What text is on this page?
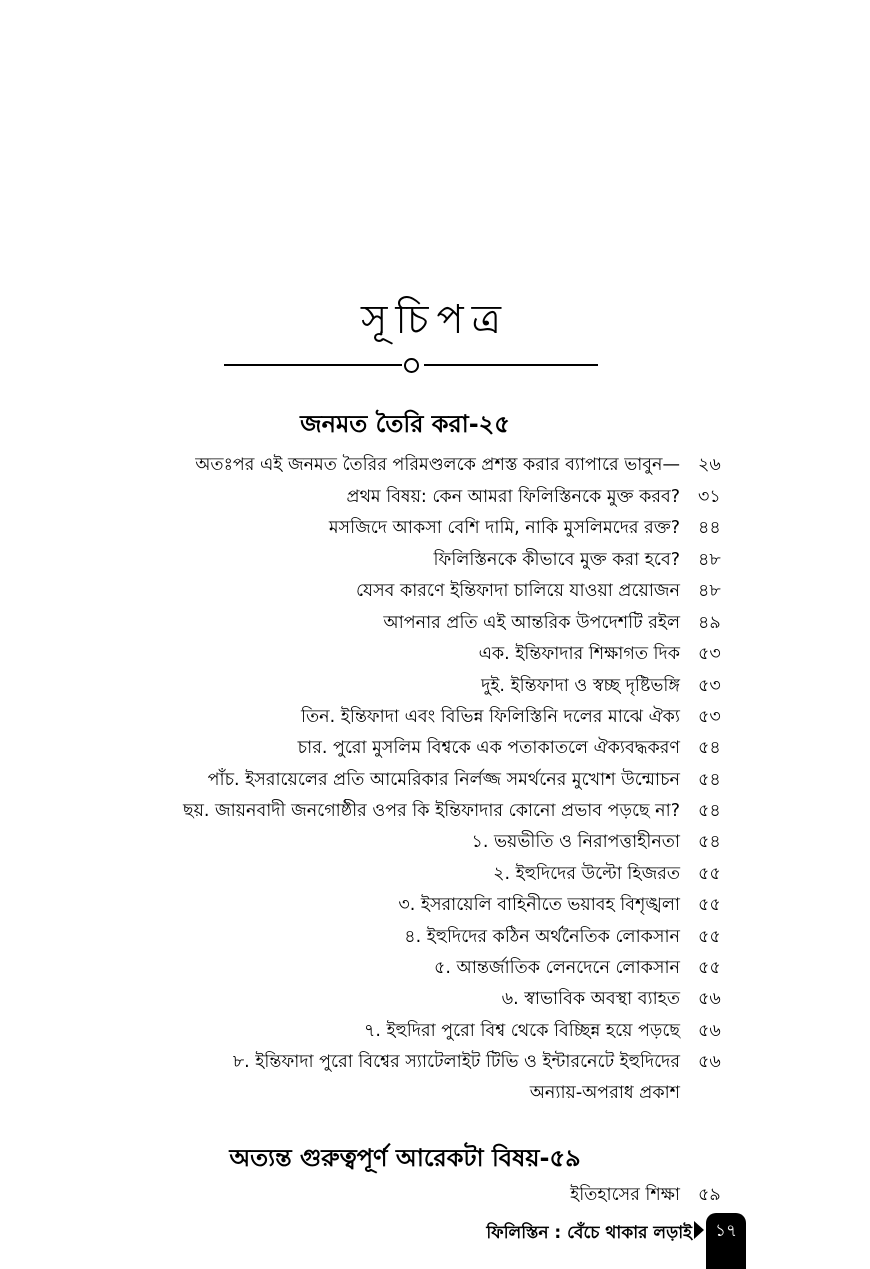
সূচিপত্র
জনমত তৈরি করা-২৫
অতঃপর এই জনমত তৈরির পরিমণ্ডলকে প্রশস্ত করার ব্যাপারে ভাবুন— ২৬
প্রথম বিষয়: কেন আমরা ফিলিস্তিনকে মুক্ত করব? ৩১
মসজিদে আকসা বেশি দামি, নাকি মুসলিমদের রক্ত? ৪৪
ফিলিস্তিনকে কীভাবে মুক্ত করা হবে? ৪৮
যেসব কারণে ইন্তিফাদা চালিয়ে যাওয়া প্রয়োজন ৪৮
আপনার প্রতি এই আন্তরিক উপদেশটি রইল ৪৯
এক. ইন্তিফাদার শিক্ষাগত দিক ৫৩
দুই. ইন্তিফাদা ও স্বচ্ছ দৃষ্টিভঙ্গি ৫৩
তিন. ইন্তিফাদা এবং বিভিন্ন ফিলিস্তিনি দলের মাঝে ঐক্য ৫৩
চার. পুরো মুসলিম বিশ্বকে এক পতাকাতলে ঐক্যবদ্ধকরণ ৫৪
পাঁচ. ইসরায়েলের প্রতি আমেরিকার নির্লজ্জ সমর্থনের মুখোশ উন্মোচন ৫৪
ছয়. জায়নবাদী জনগোষ্ঠীর ওপর কি ইন্তিফাদার কোনো প্রভাব পড়ছে না? ৫৪
১. ভয়ভীতি ও নিরাপত্তাহীনতা ৫৪
২. ইহুদিদের উল্টো হিজরত ৫৫
৩. ইসরায়েলি বাহিনীতে ভয়াবহ বিশৃঙ্খলা ৫৫
৪. ইহুদিদের কঠিন অর্থনৈতিক লোকসান ৫৫
৫. আন্তর্জাতিক লেনদেনে লোকসান ৫৫
৬. স্বাভাবিক অবস্থা ব্যাহত ৫৬
৭. ইহুদিরা পুরো বিশ্ব থেকে বিচ্ছিন্ন হয়ে পড়ছে ৫৬
৮. ইন্তিফাদা পুরো বিশ্বের স্যাটেলাইট টিভি ও ইন্টারনেটে ইহুদিদের ৫৬
অন্যায়-অপরাধ প্রকাশ
অত্যন্ত গুরুত্বপূর্ণ আরেকটা বিষয়-৫৯
ইতিহাসের শিক্ষা ৫৯
ফিলিস্তিন : বেঁচে থাকার লড়াই	১৭
